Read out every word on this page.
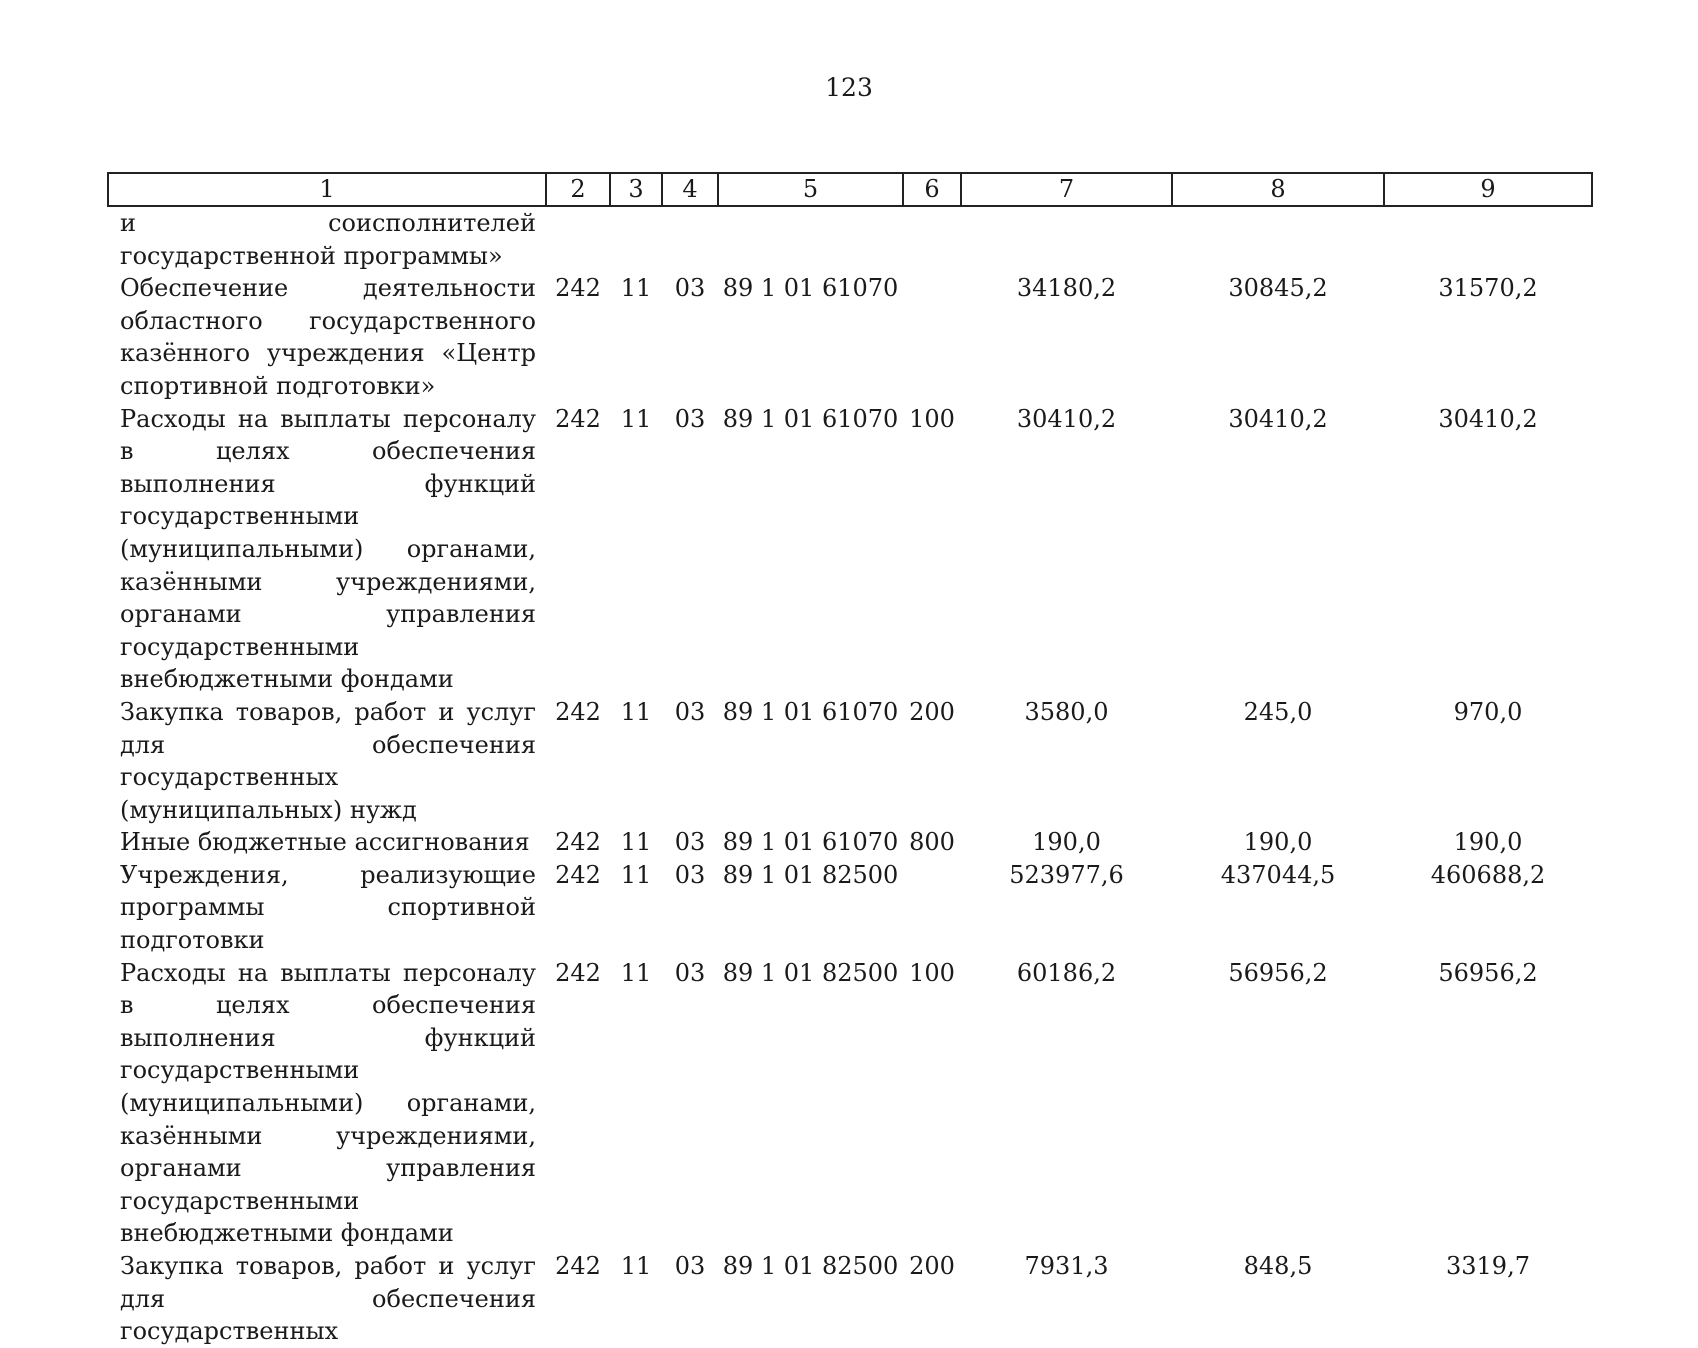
123
1	2	3	4	5	6	7	8	9
и соисполнителей государственной программы»								
Обеспечение деятельности областного государственного казённого учреждения «Центр спортивной подготовки»	242	11	03	89 1 01 61070		34180,2	30845,2	31570,2
Расходы на выплаты персоналу в целях обеспечения выполнения функций государственными (муниципальными) органами, казёнными учреждениями, органами управления государственными внебюджетными фондами	242	11	03	89 1 01 61070	100	30410,2	30410,2	30410,2
Закупка товаров, работ и услуг для обеспечения государственных (муниципальных) нужд	242	11	03	89 1 01 61070	200	3580,0	245,0	970,0
Иные бюджетные ассигнования	242	11	03	89 1 01 61070	800	190,0	190,0	190,0
Учреждения, реализующие программы спортивной подготовки	242	11	03	89 1 01 82500		523977,6	437044,5	460688,2
Расходы на выплаты персоналу в целях обеспечения выполнения функций государственными (муниципальными) органами, казёнными учреждениями, органами управления государственными внебюджетными фондами	242	11	03	89 1 01 82500	100	60186,2	56956,2	56956,2
Закупка товаров, работ и услуг для обеспечения государственных	242	11	03	89 1 01 82500	200	7931,3	848,5	3319,7
